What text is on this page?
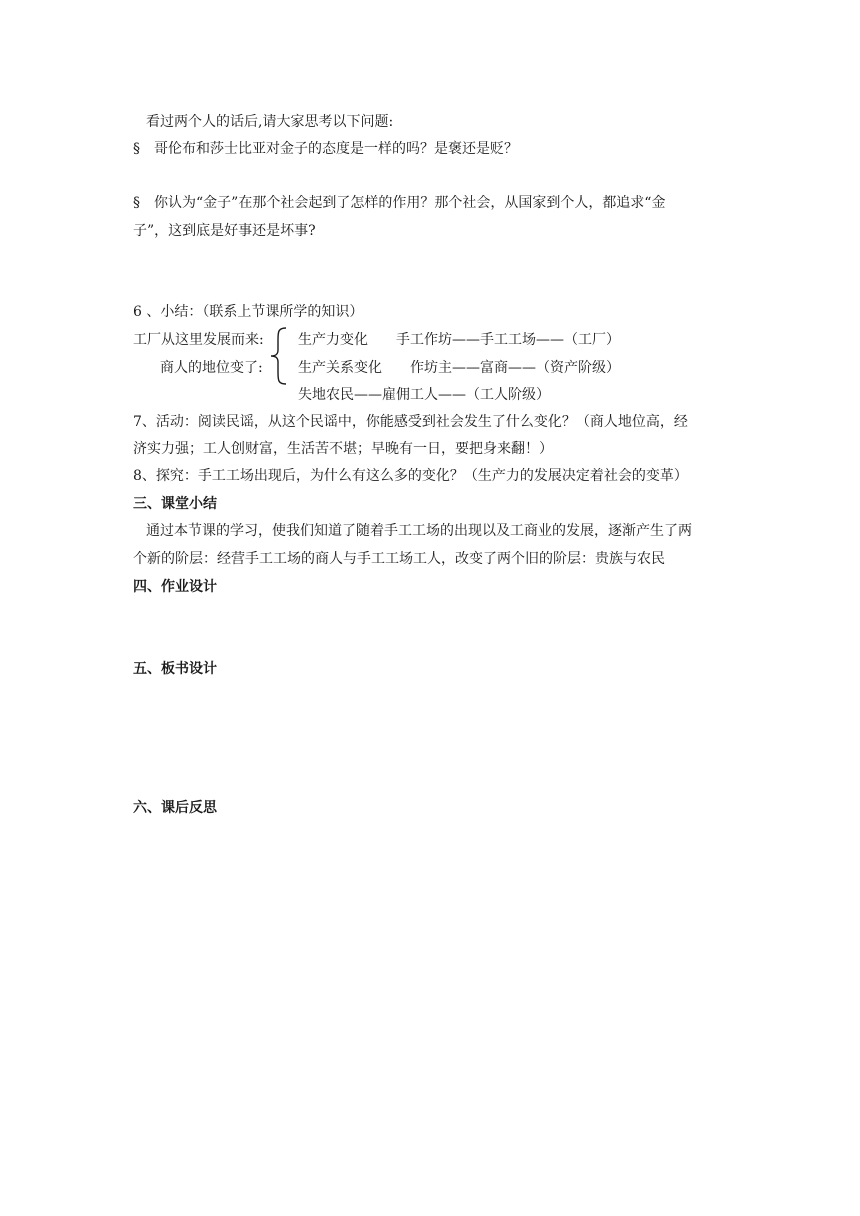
看过两个人的话后,请大家思考以下问题:
§　哥伦布和莎士比亚对金子的态度是一样的吗？是褒还是贬？
§　你认为“金子”在那个社会起到了怎样的作用？那个社会，从国家到个人，都追求“金
子”，这到底是好事还是坏事?
6 、小结：（联系上节课所学的知识）
工厂从这里发展而来:
商人的地位变了:
生产力变化 手工作坊——手工工场——（工厂）
生产关系变化 作坊主——富商——（资产阶级）
失地农民——雇佣工人——（工人阶级）
7、活动：阅读民谣，从这个民谣中，你能感受到社会发生了什么变化？（商人地位高，经
济实力强；工人创财富，生活苦不堪；早晚有一日，要把身来翻！）
8、探究：手工工场出现后，为什么有这么多的变化？（生产力的发展决定着社会的变革）
三、课堂小结
通过本节课的学习，使我们知道了随着手工工场的出现以及工商业的发展，逐渐产生了两
个新的阶层：经营手工工场的商人与手工工场工人，改变了两个旧的阶层：贵族与农民
四、作业设计
五、板书设计
六、课后反思
